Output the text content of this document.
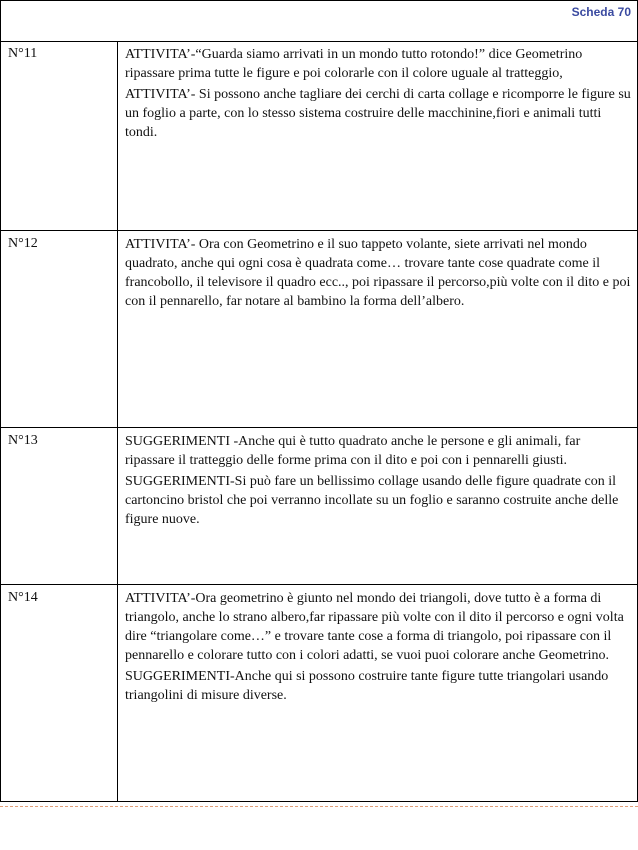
Scheda 70
N°11	ATTIVITA’-“Guarda siamo arrivati in un mondo tutto rotondo!” dice Geometrino ripassare prima tutte le figure e poi colorarle con il colore uguale al tratteggio,

ATTIVITA’- Si possono anche tagliare dei cerchi di carta collage e ricomporre le figure su un foglio a parte, con lo stesso sistema costruire delle macchinine,fiori e animali tutti tondi.

N°12	ATTIVITA’- Ora con Geometrino e il suo tappeto volante, siete arrivati nel mondo quadrato, anche qui ogni cosa è quadrata come… trovare tante cose quadrate come il francobollo, il televisore il quadro ecc.., poi ripassare il percorso,più volte con il dito e poi con il pennarello, far notare al bambino la forma dell’albero.

N°13	SUGGERIMENTI -Anche qui è tutto quadrato anche le persone e gli animali, far ripassare il tratteggio delle forme prima con il dito e poi con i pennarelli giusti.

SUGGERIMENTI-Si può fare un bellissimo collage usando delle figure quadrate con il cartoncino bristol che poi verranno incollate su un foglio e saranno costruite anche delle figure nuove.

N°14	ATTIVITA’-Ora geometrino è giunto nel mondo dei triangoli, dove tutto è a forma di triangolo, anche lo strano albero,far ripassare più volte con il dito il percorso e ogni volta dire “triangolare come…” e trovare tante cose a forma di triangolo, poi ripassare con il pennarello e colorare tutto con i colori adatti, se vuoi puoi colorare anche Geometrino.

SUGGERIMENTI-Anche qui si possono costruire tante figure tutte triangolari usando triangolini di misure diverse.
